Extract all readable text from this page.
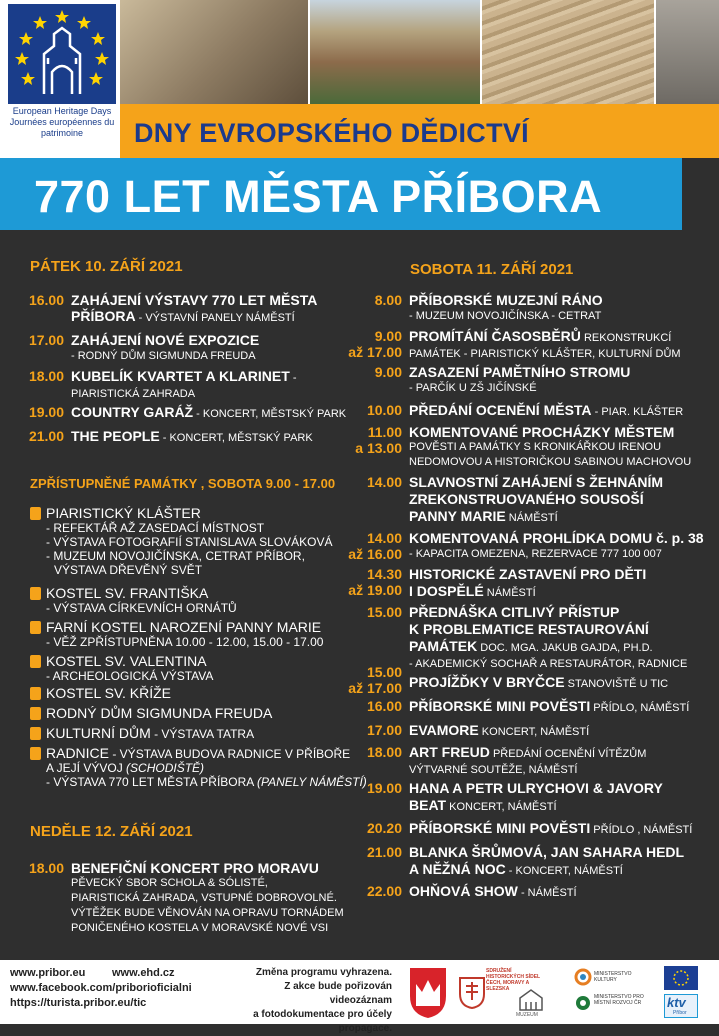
European Heritage Days
Journées européennes du patrimoine	DNY EVROPSKÉHO DĚDICTVÍ
770 LET MĚSTA PŘÍBORA
PÁTEK 10. ZÁŘÍ 2021
16.00 ZAHÁJENÍ VÝSTAVY 770 LET MĚSTA
PŘÍBORA - VÝSTAVNÍ PANELY NÁMĚSTÍ
17.00 ZAHÁJENÍ NOVÉ EXPOZICE
- RODNÝ DŮM SIGMUNDA FREUDA
18.00 KUBELÍK KVARTET A KLARINET -
PIARISTICKÁ ZAHRADA
19.00 COUNTRY GARÁŽ - KONCERT, MĚSTSKÝ PARK
21.00 THE PEOPLE - KONCERT, MĚSTSKÝ PARK
ZPŘÍSTUPNĚNÉ PAMÁTKY , SOBOTA 9.00 - 17.00
PIARISTICKÝ KLÁŠTER
- REFEKTÁŘ AŽ ZASEDACÍ MÍSTNOST
- VÝSTAVA FOTOGRAFIÍ STANISLAVA SLOVÁKOVÁ
- MUZEUM NOVOJIČÍNSKA, CETRAT PŘÍBOR,
VÝSTAVA DŘEVĚNÝ SVĚT
KOSTEL SV. FRANTIŠKA
- VÝSTAVA CÍRKEVNÍCH ORNÁTŮ
FARNÍ KOSTEL NAROZENÍ PANNY MARIE
- VĚŽ ZPŘÍSTUPNĚNA 10.00 - 12.00, 15.00 - 17.00
KOSTEL SV. VALENTINA
- ARCHEOLOGICKÁ VÝSTAVA
KOSTEL SV. KŘÍŽE
RODNÝ DŮM SIGMUNDA FREUDA
KULTURNÍ DŮM - VÝSTAVA TATRA
RADNICE - VÝSTAVA BUDOVA RADNICE V PŘÍBOŘE
A JEJÍ VÝVOJ (SCHODIŠTĚ)
- VÝSTAVA 770 LET MĚSTA PŘÍBORA (PANELY NÁMĚSTÍ)
NEDĚLE 12. ZÁŘÍ 2021
18.00 BENEFIČNÍ KONCERT PRO MORAVU
PĚVECKÝ SBOR SCHOLA & SÓLISTÉ,
PIARISTICKÁ ZAHRADA, VSTUPNÉ DOBROVOLNÉ.
VÝTĚŽEK BUDE VĚNOVÁN NA OPRAVU TORNÁDEM
PONIČENÉHO KOSTELA V MORAVSKÉ NOVÉ VSI
SOBOTA 11. ZÁŘÍ 2021
8.00 PŘÍBORSKÉ MUZEJNÍ RÁNO
- MUZEUM NOVOJIČÍNSKA - CETRAT
9.00
až 17.00
PROMÍTÁNÍ ČASOSBĚRŮ REKONSTRUKCÍ
PAMÁTEK - PIARISTICKÝ KLÁŠTER, KULTURNÍ DŮM
9.00 ZASAZENÍ PAMĚTNÍHO STROMU
- PARČÍK U ZŠ JIČÍNSKÉ
10.00 PŘEDÁNÍ OCENĚNÍ MĚSTA - PIAR. KLÁŠTER
11.00
a 13.00
KOMENTOVANÉ PROCHÁZKY MĚSTEM
POVĚSTI A PAMÁTKY S KRONIKÁŘKOU IRENOU
NEDOMOVOU A HISTORIČKOU SABINOU MACHOVOU
14.00 SLAVNOSTNÍ ZAHÁJENÍ S ŽEHNÁNÍM
ZREKONSTRUOVANÉHO SOUSOŠÍ
PANNY MARIE NÁMĚSTÍ
14.00
až 16.00
KOMENTOVANÁ PROHLÍDKA DOMU č. p. 38
- KAPACITA OMEZENA, REZERVACE 777 100 007
14.30
až 19.00
HISTORICKÉ ZASTAVENÍ PRO DĚTI
I DOSPĚLÉ NÁMĚSTÍ
15.00 PŘEDNÁŠKA CITLIVÝ PŘÍSTUP
K PROBLEMATICE RESTAUROVÁNÍ
PAMÁTEK DOC. MGA. JAKUB GAJDA, PH.D.
- AKADEMICKÝ SOCHAŘ A RESTAURÁTOR, RADNICE
15.00
až 17.00 PROJÍŽĎKY V BRYČCE STANOVIŠTĚ U TIC
16.00 PŘÍBORSKÉ MINI POVĚSTI PŘÍDLO, NÁMĚSTÍ
17.00 EVAMORE KONCERT, NÁMĚSTÍ
18.00 ART FREUD PŘEDÁNÍ OCENĚNÍ VÍTĚZŮM
VÝTVARNÉ SOUTĚŽE, NÁMĚSTÍ
19.00 HANA A PETR ULRYCHOVI & JAVORY
BEAT KONCERT, NÁMĚSTÍ
20.20 PŘÍBORSKÉ MINI POVĚSTI PŘÍDLO , NÁMĚSTÍ
21.00 BLANKA ŠRŮMOVÁ, JAN SAHARA HEDL
A NĚŽNÁ NOC - KONCERT, NÁMĚSTÍ
22.00 OHŇOVÁ SHOW - NÁMĚSTÍ
www.pribor.eu www.ehd.cz
www.facebook.com/priborioficialni
https://turista.pribor.eu/tic
Změna programu vyhrazena.
Z akce bude pořizován videozáznam
a fotodokumentace pro účely propagace.
SDRUŽENÍ HISTORICKÝCH SÍDEL ČECH, MORAVY A SLEZSKA
MUZEUM
MINISTERSTVO KULTURY
MINISTERSTVO PRO MÍSTNÍ ROZVOJ ČR ktv
Příbor
